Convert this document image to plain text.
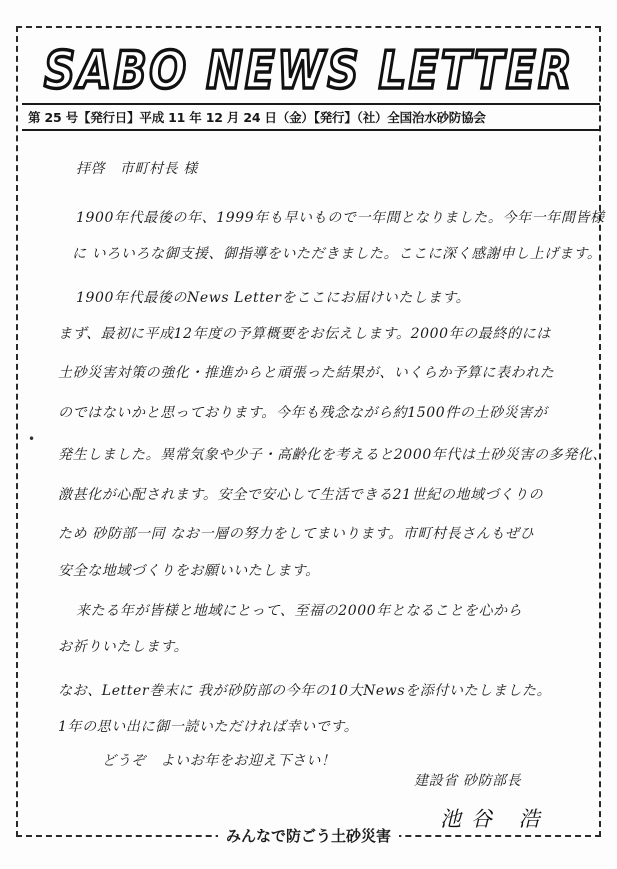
SABO NEWS LETTER
第 25 号【発行日】平成 11 年 12 月 24 日（金）【発行】（社）全国治水砂防協会
拝啓　市町村長 様
1900年代最後の年、1999年も早いもので一年間となりました。今年一年間皆様
に いろいろな御支援、御指導をいただきました。ここに深く感謝申し上げます。
1900年代最後のNews Letterをここにお届けいたします。
まず、最初に平成12年度の予算概要をお伝えします。2000年の最終的には
土砂災害対策の強化・推進からと頑張った結果が、いくらか予算に表われた
のではないかと思っております。今年も残念ながら約1500件の土砂災害が
発生しました。異常気象や少子・高齢化を考えると2000年代は土砂災害の多発化、
激甚化が心配されます。安全で安心して生活できる21世紀の地域づくりの
ため 砂防部一同 なお一層の努力をしてまいります。市町村長さんもぜひ
安全な地域づくりをお願いいたします。
来たる年が皆様と地域にとって、至福の2000年となることを心から
お祈りいたします。
なお、Letter巻末に 我が砂防部の今年の10大Newsを添付いたしました。
1年の思い出に御一読いただければ幸いです。
どうぞ　よいお年をお迎え下さい！
建設省 砂防部長
池谷 浩
•
みんなで防ごう土砂災害
